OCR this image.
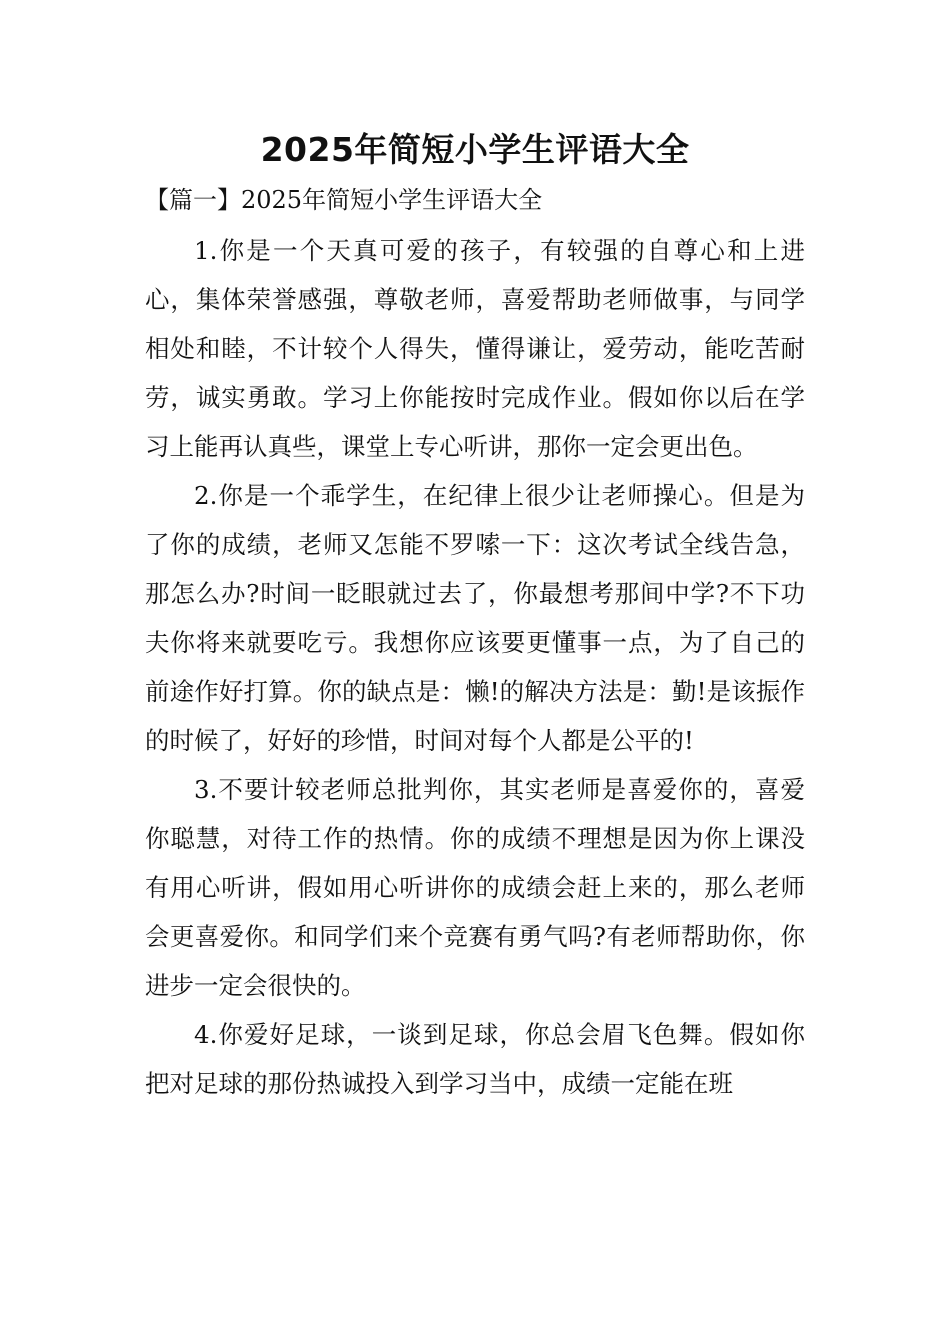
2025年简短小学生评语大全
【篇一】2025年简短小学生评语大全

1.你是一个天真可爱的孩子，有较强的自尊心和上进心，集体荣誉感强，尊敬老师，喜爱帮助老师做事，与同学相处和睦，不计较个人得失，懂得谦让，爱劳动，能吃苦耐劳，诚实勇敢。学习上你能按时完成作业。假如你以后在学习上能再认真些，课堂上专心听讲，那你一定会更出色。

2.你是一个乖学生，在纪律上很少让老师操心。但是为了你的成绩，老师又怎能不罗嗦一下：这次考试全线告急，那怎么办?时间一眨眼就过去了，你最想考那间中学?不下功夫你将来就要吃亏。我想你应该要更懂事一点，为了自己的前途作好打算。你的缺点是：懒!的解决方法是：勤!是该振作的时候了，好好的珍惜，时间对每个人都是公平的!

3.不要计较老师总批判你，其实老师是喜爱你的，喜爱你聪慧，对待工作的热情。你的成绩不理想是因为你上课没有用心听讲，假如用心听讲你的成绩会赶上来的，那么老师会更喜爱你。和同学们来个竞赛有勇气吗?有老师帮助你，你进步一定会很快的。

4.你爱好足球，一谈到足球，你总会眉飞色舞。假如你把对足球的那份热诚投入到学习当中，成绩一定能在班
